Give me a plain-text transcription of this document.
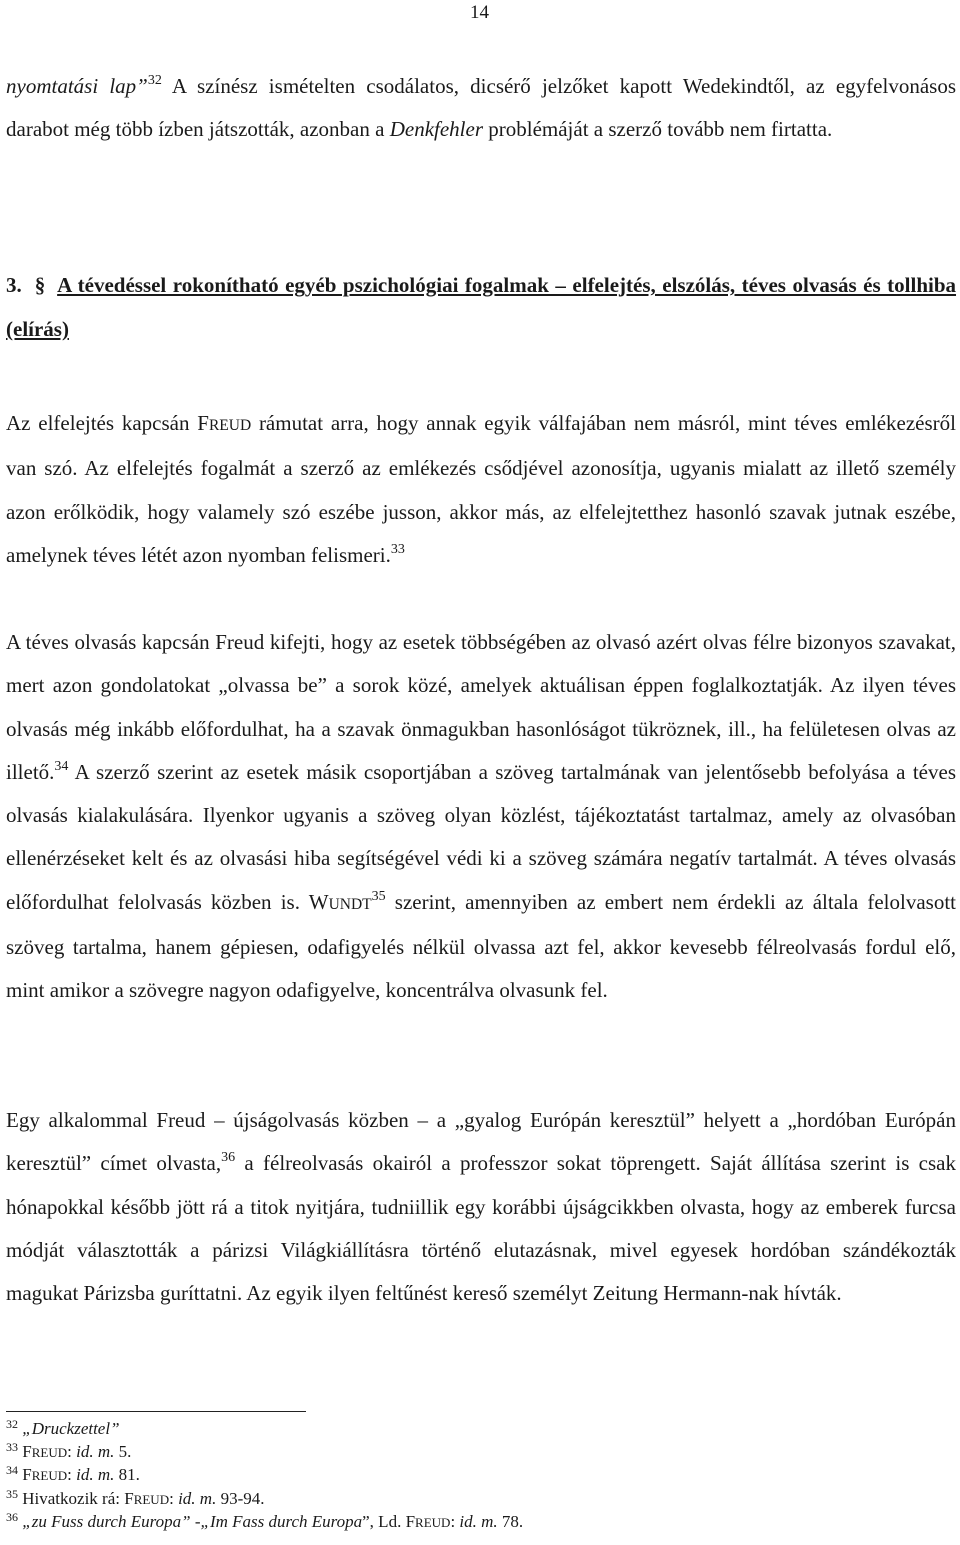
14
nyomtatási lap”$^{32}$ A színész ismételten csodálatos, dicsérő jelzőket kapott Wedekindtől, az egyfelvonásos darabot még több ízben játszották, azonban a Denkfehler problémáját a szerző tovább nem firtatta.
3. § A tévedéssel rokonítható egyéb pszichológiai fogalmak – elfelejtés, elszólás, téves olvasás és tollhiba (elírás)
Az elfelejtés kapcsán FREUD rámutat arra, hogy annak egyik válfajában nem másról, mint téves emlékezésről van szó. Az elfelejtés fogalmát a szerző az emlékezés csődjével azonosítja, ugyanis mialatt az illető személy azon erőlködik, hogy valamely szó eszébe jusson, akkor más, az elfelejtetthez hasonló szavak jutnak eszébe, amelynek téves létét azon nyomban felismeri.$^{33}$
A téves olvasás kapcsán Freud kifejti, hogy az esetek többségében az olvasó azért olvas félre bizonyos szavakat, mert azon gondolatokat „olvassa be” a sorok közé, amelyek aktuálisan éppen foglalkoztatják. Az ilyen téves olvasás még inkább előfordulhat, ha a szavak önmagukban hasonlóságot tükröznek, ill., ha felületesen olvas az illető.$^{34}$ A szerző szerint az esetek másik csoportjában a szöveg tartalmának van jelentősebb befolyása a téves olvasás kialakulására. Ilyenkor ugyanis a szöveg olyan közlést, tájékoztatást tartalmaz, amely az olvasóban ellenérzéseket kelt és az olvasási hiba segítségével védi ki a szöveg számára negatív tartalmát. A téves olvasás előfordulhat felolvasás közben is. WUNDT$^{35}$ szerint, amennyiben az embert nem érdekli az általa felolvasott szöveg tartalma, hanem gépiesen, odafigyelés nélkül olvassa azt fel, akkor kevesebb félreolvasás fordul elő, mint amikor a szövegre nagyon odafigyelve, koncentrálva olvasunk fel.
Egy alkalommal Freud – újságolvasás közben – a „gyalog Európán keresztül” helyett a „hordóban Európán keresztül” címet olvasta,$^{36}$ a félreolvasás okairól a professzor sokat töprengett. Saját állítása szerint is csak hónapokkal később jött rá a titok nyitjára, tudniillik egy korábbi újságcikkben olvasta, hogy az emberek furcsa módját választották a párizsi Világkiállításra történő elutazásnak, mivel egyesek hordóban szándékozták magukat Párizsba guríttatni. Az egyik ilyen feltűnést kereső személyt Zeitung Hermann-nak hívták.
$^{32}$ „Druckzettel”
$^{33}$ FREUD: id. m. 5.
$^{34}$ FREUD: id. m. 81.
$^{35}$ Hivatkozik rá: FREUD: id. m. 93-94.
$^{36}$ „zu Fuss durch Europa” -„Im Fass durch Europa”, Ld. FREUD: id. m. 78.
